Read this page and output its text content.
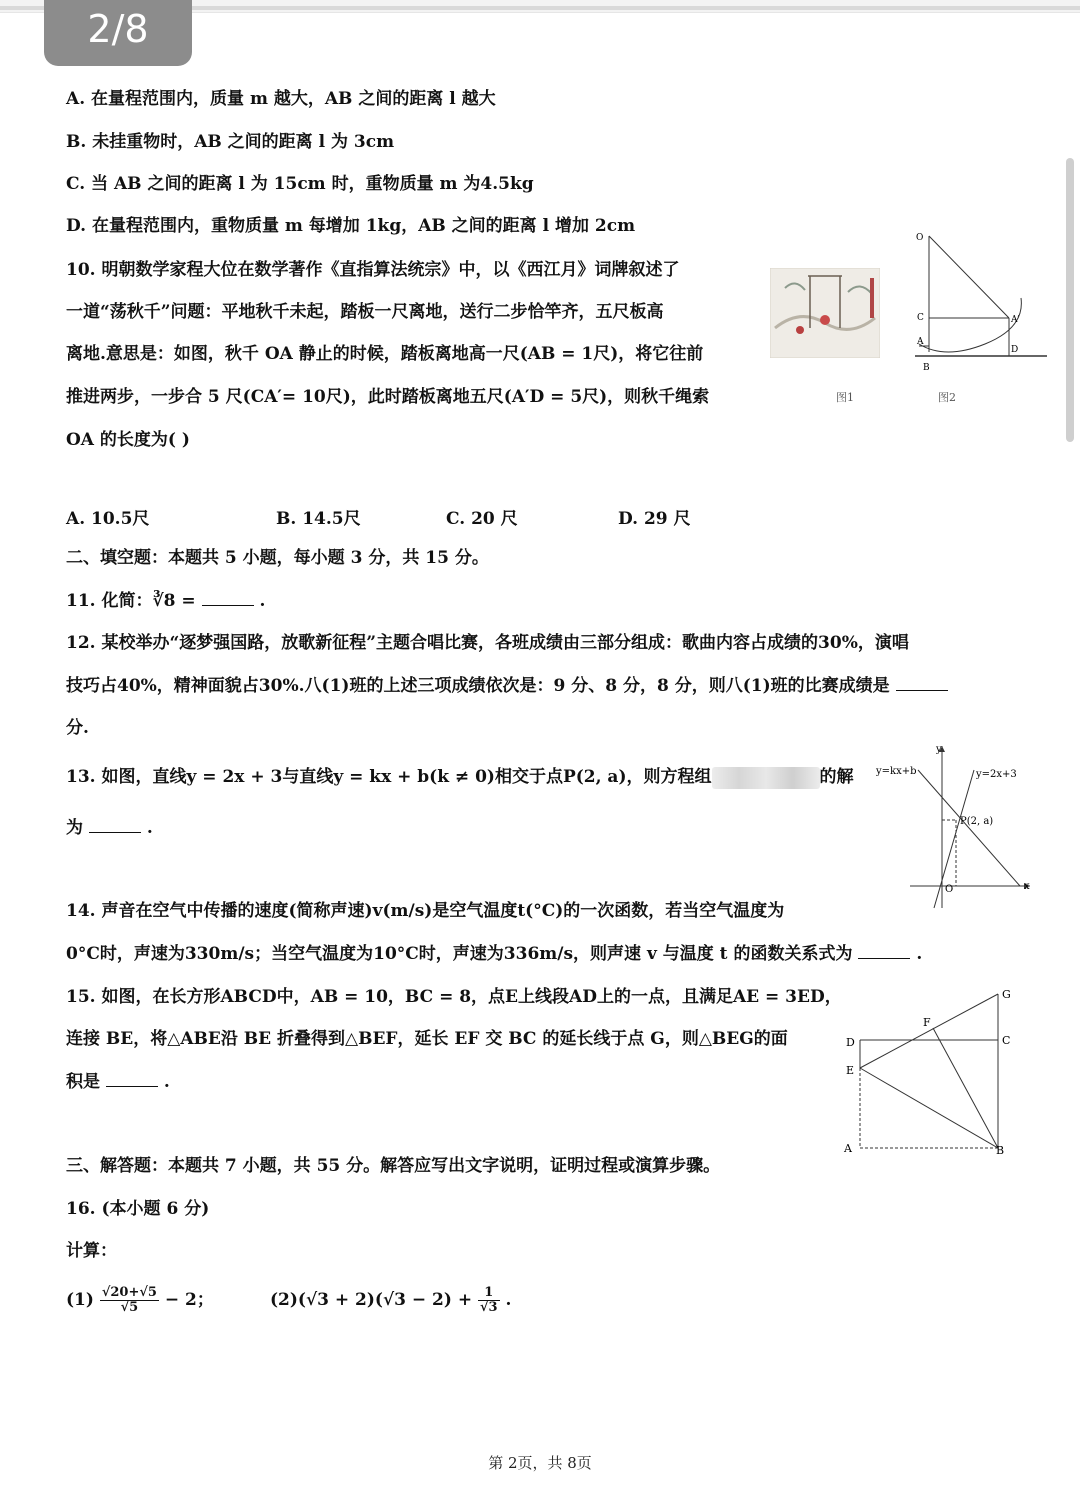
2/8
A. 在量程范围内，质量 m 越大，AB 之间的距离 l 越大
B. 未挂重物时，AB 之间的距离 l 为 3cm
C. 当 AB 之间的距离 l 为 15cm 时，重物质量 m 为4.5kg
D. 在量程范围内，重物质量 m 每增加 1kg，AB 之间的距离 l 增加 2cm
10. 明朝数学家程大位在数学著作《直指算法统宗》中，以《西江月》词牌叙述了
一道“荡秋千”问题：平地秋千未起，踏板一尺离地，送行二步恰竿齐，五尺板高
离地.意思是：如图，秋千 OA 静止的时候，踏板离地高一尺(AB = 1尺)，将它往前
推进两步，一步合 5 尺(CA′= 10尺)，此时踏板离地五尺(A′D = 5尺)，则秋千绳索
OA 的长度为( )
图1
O
C
A
B
A′
D
图2
A. 10.5尺	B. 14.5尺	C. 20 尺	D. 29 尺
二、填空题：本题共 5 小题，每小题 3 分，共 15 分。
11. 化简：∛8 =	.
12. 某校举办“逐梦强国路，放歌新征程”主题合唱比赛，各班成绩由三部分组成：歌曲内容占成绩的30%，演唱
技巧占40%，精神面貌占30%.八(1)班的上述三项成绩依次是：9 分、8 分，8 分，则八(1)班的比赛成绩是
分.
13. 如图，直线y = 2x + 3与直线y = kx + b(k ≠ 0)相交于点P(2, a)，则方程组	的解
为	.
y=kx+b	y=2x+3
P(2, a)
O	x
y
14. 声音在空气中传播的速度(简称声速)v(m/s)是空气温度t(°C)的一次函数，若当空气温度为
0°C时，声速为330m/s；当空气温度为10°C时，声速为336m/s，则声速 v 与温度 t 的函数关系式为	.
15. 如图，在长方形ABCD中，AB = 10，BC = 8，点E上线段AD上的一点，且满足AE = 3ED，
连接 BE，将△ABE沿 BE 折叠得到△BEF，延长 EF 交 BC 的延长线于点 G，则△BEG的面
积是	.
G
F
D	C
E
A	B
三、解答题：本题共 7 小题，共 55 分。解答应写出文字说明，证明过程或演算步骤。
16. (本小题 6 分)
计算：
$(1) \frac{√20+√5}{√5} - 2$；	$(2)(√3 + 2)(√3 - 2) + \frac{1}{√3}$ .
第 2页，共 8页
